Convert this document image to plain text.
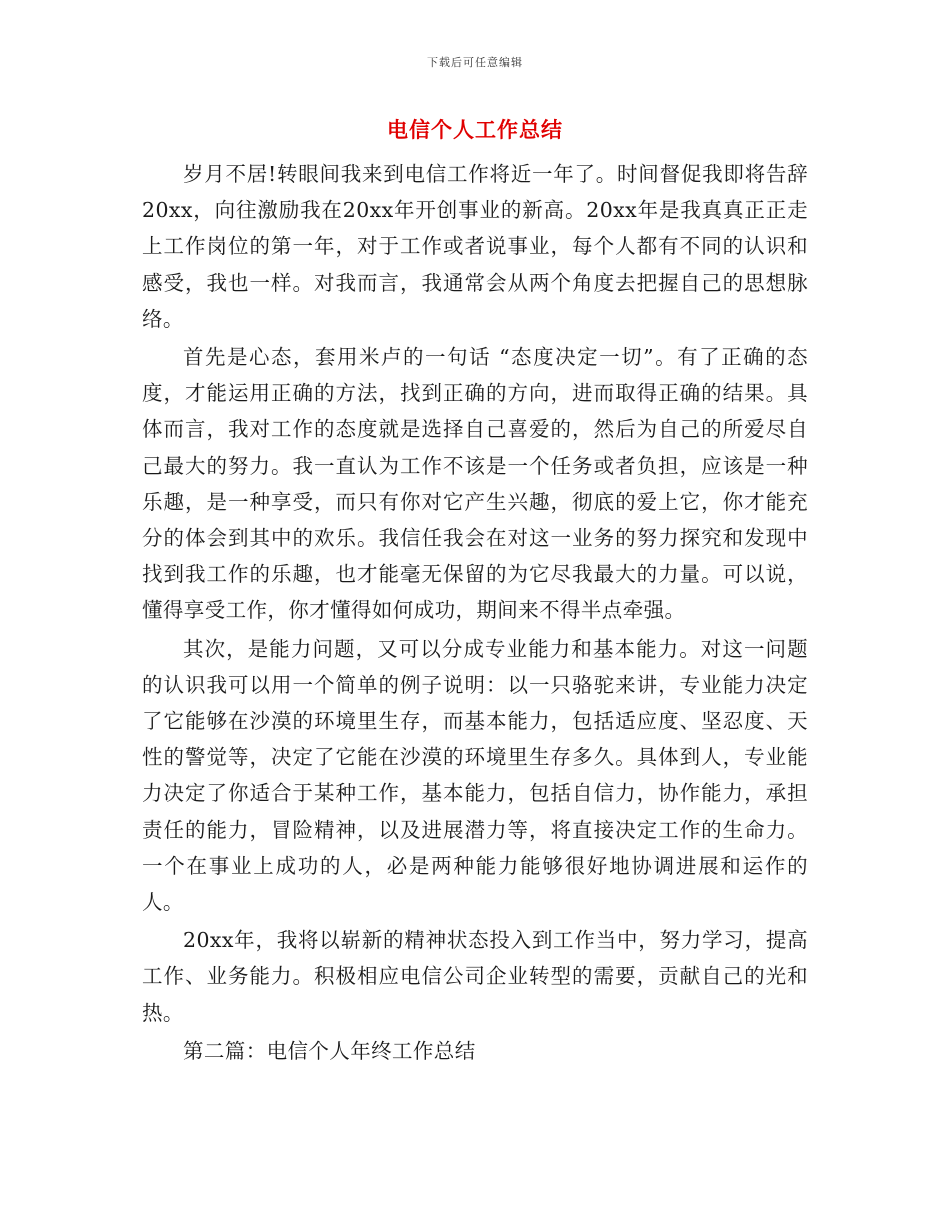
下载后可任意编辑
电信个人工作总结

岁月不居!转眼间我来到电信工作将近一年了。时间督促我即将告辞20xx，向往激励我在20xx年开创事业的新高。20xx年是我真真正正走上工作岗位的第一年，对于工作或者说事业，每个人都有不同的认识和感受，我也一样。对我而言，我通常会从两个角度去把握自己的思想脉络。

首先是心态，套用米卢的一句话 “态度决定一切”。有了正确的态度，才能运用正确的方法，找到正确的方向，进而取得正确的结果。具体而言，我对工作的态度就是选择自己喜爱的，然后为自己的所爱尽自己最大的努力。我一直认为工作不该是一个任务或者负担，应该是一种乐趣，是一种享受，而只有你对它产生兴趣，彻底的爱上它，你才能充分的体会到其中的欢乐。我信任我会在对这一业务的努力探究和发现中找到我工作的乐趣，也才能毫无保留的为它尽我最大的力量。可以说，懂得享受工作，你才懂得如何成功，期间来不得半点牵强。

其次，是能力问题，又可以分成专业能力和基本能力。对这一问题的认识我可以用一个简单的例子说明：以一只骆驼来讲，专业能力决定了它能够在沙漠的环境里生存，而基本能力，包括适应度、坚忍度、天性的警觉等，决定了它能在沙漠的环境里生存多久。具体到人，专业能力决定了你适合于某种工作，基本能力，包括自信力，协作能力，承担责任的能力，冒险精神，以及进展潜力等，将直接决定工作的生命力。一个在事业上成功的人，必是两种能力能够很好地协调进展和运作的人。

20xx年，我将以崭新的精神状态投入到工作当中，努力学习，提高工作、业务能力。积极相应电信公司企业转型的需要，贡献自己的光和热。

第二篇：电信个人年终工作总结
